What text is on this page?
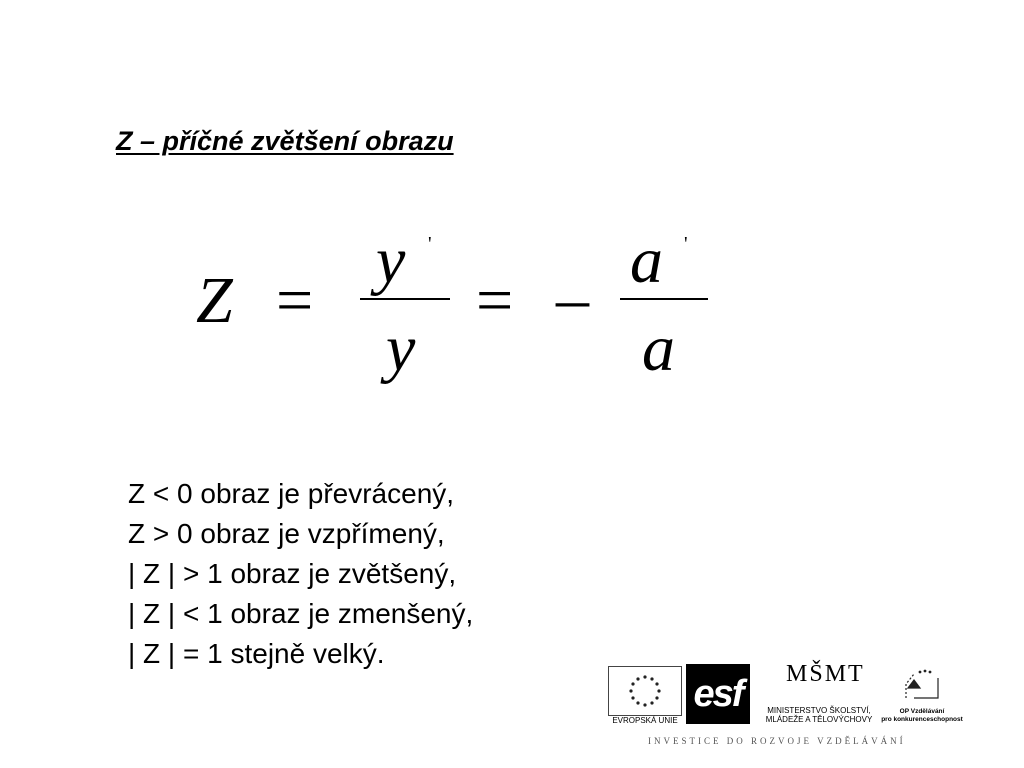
Z – příčné zvětšení obrazu
Z =
y '
y
= –
a '
a
Z < 0 obraz je převrácený,
Z > 0 obraz je vzpřímený,
| Z | > 1 obraz je zvětšený,
| Z | < 1 obraz je zmenšený,
| Z | = 1 stejně velký.
EVROPSKÁ UNIE
esf	MŠMT
MINISTERSTVO ŠKOLSTVÍ,
MLÁDEŽE A TĚLOVÝCHOVY
OP Vzdělávání
pro konkurenceschopnost
INVESTICE DO ROZVOJE VZDĚLÁVÁNÍ
